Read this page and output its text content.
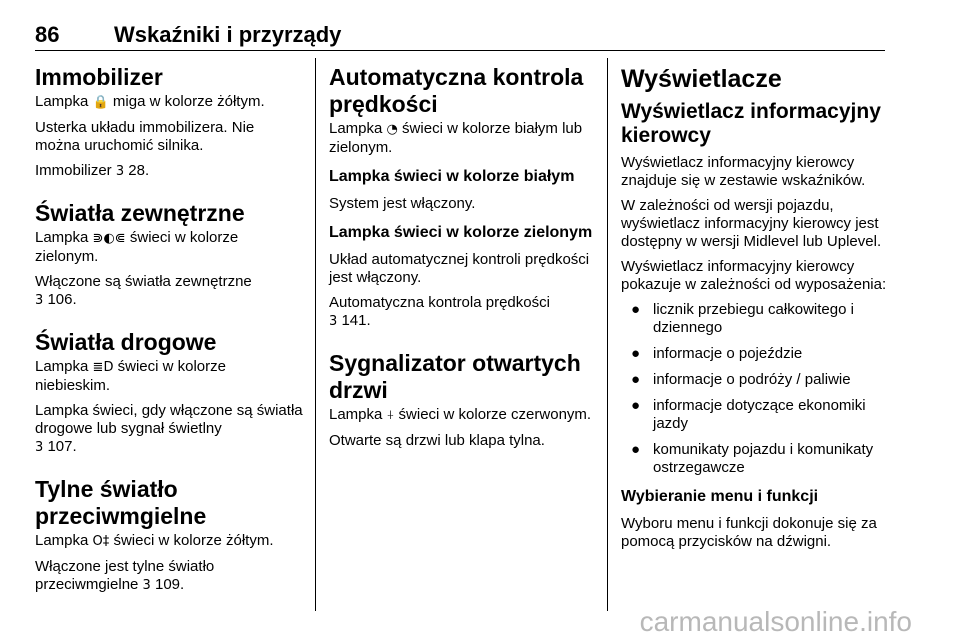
86 Wskaźniki i przyrządy
Immobilizer

Lampka 🔒 miga w kolorze żółtym.

Usterka układu immobilizera. Nie można uruchomić silnika.

Immobilizer 3 28.

Światła zewnętrzne

Lampka ⋑◐⋐ świeci w kolorze zielonym.

Włączone są światła zewnętrzne
3 106.

Światła drogowe

Lampka ≣D świeci w kolorze niebieskim.

Lampka świeci, gdy włączone są światła drogowe lub sygnał świetlny
3 107.

Tylne światło przeciwmgielne

Lampka O‡ świeci w kolorze żółtym.

Włączone jest tylne światło przeciwmgielne 3 109.

Automatyczna kontrola prędkości

Lampka ◔ świeci w kolorze białym lub zielonym.

Lampka świeci w kolorze białym

System jest włączony.

Lampka świeci w kolorze zielonym

Układ automatycznej kontroli prędkości jest włączony.

Automatyczna kontrola prędkości
3 141.

Sygnalizator otwartych drzwi

Lampka ⍭ świeci w kolorze czerwonym.

Otwarte są drzwi lub klapa tylna.

Wyświetlacze
Wyświetlacz informacyjny kierowcy

Wyświetlacz informacyjny kierowcy znajduje się w zestawie wskaźników.

W zależności od wersji pojazdu, wyświetlacz informacyjny kierowcy jest dostępny w wersji Midlevel lub Uplevel.

Wyświetlacz informacyjny kierowcy pokazuje w zależności od wyposażenia:

● licznik przebiegu całkowitego i dziennego
● informacje o pojeździe
● informacje o podróży / paliwie
● informacje dotyczące ekonomiki jazdy
● komunikaty pojazdu i komunikaty ostrzegawcze
Wybieranie menu i funkcji

Wyboru menu i funkcji dokonuje się za pomocą przycisków na dźwigni.

carmanualsonline.info
